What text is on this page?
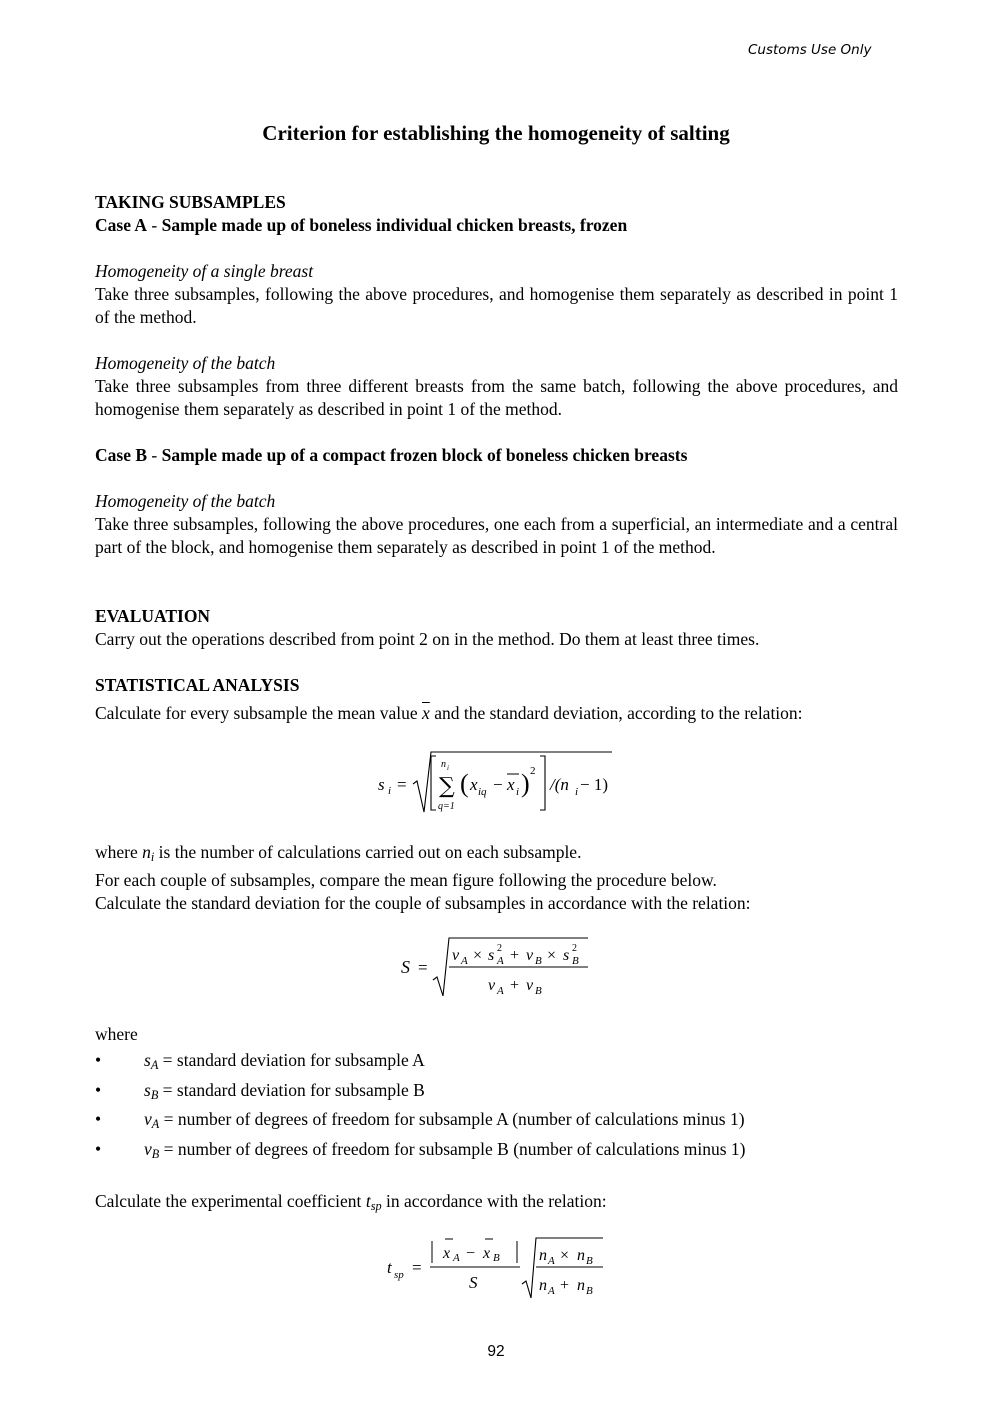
Customs Use Only
Criterion for establishing the homogeneity of salting

TAKING SUBSAMPLES

Case A - Sample made up of boneless individual chicken breasts, frozen

Homogeneity of a single breast

Take three subsamples, following the above procedures, and homogenise them separately as described in point 1 of the method.

Homogeneity of the batch

Take three subsamples from three different breasts from the same batch, following the above procedures, and homogenise them separately as described in point 1 of the method.

Case B - Sample made up of a compact frozen block of boneless chicken breasts

Homogeneity of the batch

Take three subsamples, following the above procedures, one each from a superficial, an intermediate and a central part of the block, and homogenise them separately as described in point 1 of the method.

EVALUATION

Carry out the operations described from point 2 on in the method. Do them at least three times.

STATISTICAL ANALYSIS

Calculate for every subsample the mean value $\overline{x}$ and the standard deviation, according to the relation:

s i =
n i
∑
q=1
( x iq − x i ) 2
/(n i − 1)

where $n_i$ is the number of calculations carried out on each subsample.

For each couple of subsamples, compare the mean figure following the procedure below.

Calculate the standard deviation for the couple of subsamples in accordance with the relation:

S =
ν A × s 2
A + ν B × s 2
B
ν A + ν B

where

• $s_A$ = standard deviation for subsample A
• $s_B$ = standard deviation for subsample B
• $\nu_A$ = number of degrees of freedom for subsample A (number of calculations minus 1)
• $\nu_B$ = number of degrees of freedom for subsample B (number of calculations minus 1)

Calculate the experimental coefficient $t_{sp}$ in accordance with the relation:

t sp =
x A − x B
S
n A × n B
n A + n B
92
